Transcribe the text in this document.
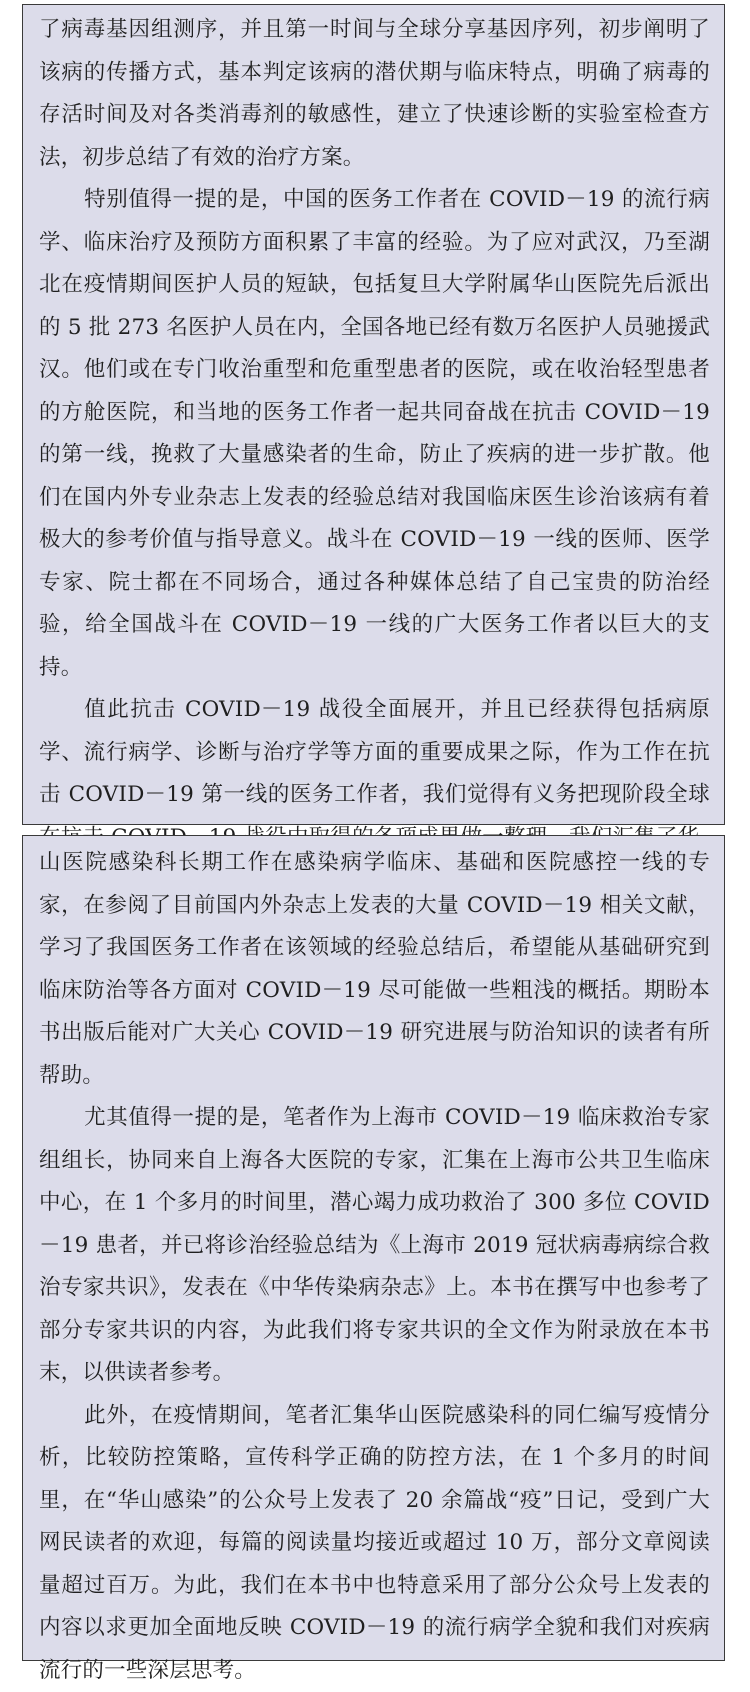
了病毒基因组测序，并且第一时间与全球分享基因序列，初步阐明了该病的传播方式，基本判定该病的潜伏期与临床特点，明确了病毒的存活时间及对各类消毒剂的敏感性，建立了快速诊断的实验室检查方法，初步总结了有效的治疗方案。

特别值得一提的是，中国的医务工作者在 COVID－19 的流行病学、临床治疗及预防方面积累了丰富的经验。为了应对武汉，乃至湖北在疫情期间医护人员的短缺，包括复旦大学附属华山医院先后派出的 5 批 273 名医护人员在内，全国各地已经有数万名医护人员驰援武汉。他们或在专门收治重型和危重型患者的医院，或在收治轻型患者的方舱医院，和当地的医务工作者一起共同奋战在抗击 COVID－19 的第一线，挽救了大量感染者的生命，防止了疾病的进一步扩散。他们在国内外专业杂志上发表的经验总结对我国临床医生诊治该病有着极大的参考价值与指导意义。战斗在 COVID－19 一线的医师、医学专家、院士都在不同场合，通过各种媒体总结了自己宝贵的防治经验，给全国战斗在 COVID－19 一线的广大医务工作者以巨大的支持。

值此抗击 COVID－19 战役全面展开，并且已经获得包括病原学、流行病学、诊断与治疗学等方面的重要成果之际，作为工作在抗击 COVID－19 第一线的医务工作者，我们觉得有义务把现阶段全球

山医院感染科长期工作在感染病学临床、基础和医院感控一线的专家，在参阅了目前国内外杂志上发表的大量 COVID－19 相关文献，学习了我国医务工作者在该领域的经验总结后，希望能从基础研究到临床防治等各方面对 COVID－19 尽可能做一些粗浅的概括。期盼本书出版后能对广大关心 COVID－19 研究进展与防治知识的读者有所帮助。

尤其值得一提的是，笔者作为上海市 COVID－19 临床救治专家组组长，协同来自上海各大医院的专家，汇集在上海市公共卫生临床中心，在 1 个多月的时间里，潜心竭力成功救治了 300 多位 COVID－19 患者，并已将诊治经验总结为《上海市 2019 冠状病毒病综合救治专家共识》，发表在《中华传染病杂志》上。本书在撰写中也参考了部分专家共识的内容，为此我们将专家共识的全文作为附录放在本书末，以供读者参考。

此外，在疫情期间，笔者汇集华山医院感染科的同仁编写疫情分析，比较防控策略，宣传科学正确的防控方法，在 1 个多月的时间里，在“华山感染”的公众号上发表了 20 余篇战“疫”日记，受到广大网民读者的欢迎，每篇的阅读量均接近或超过 10 万，部分文章阅读量超过百万。为此，我们在本书中也特意采用了部分公众号上发表的内容以求更加全面地反映 COVID－19 的流行病学全貌和我们对疾病流行的一些深层思考。
